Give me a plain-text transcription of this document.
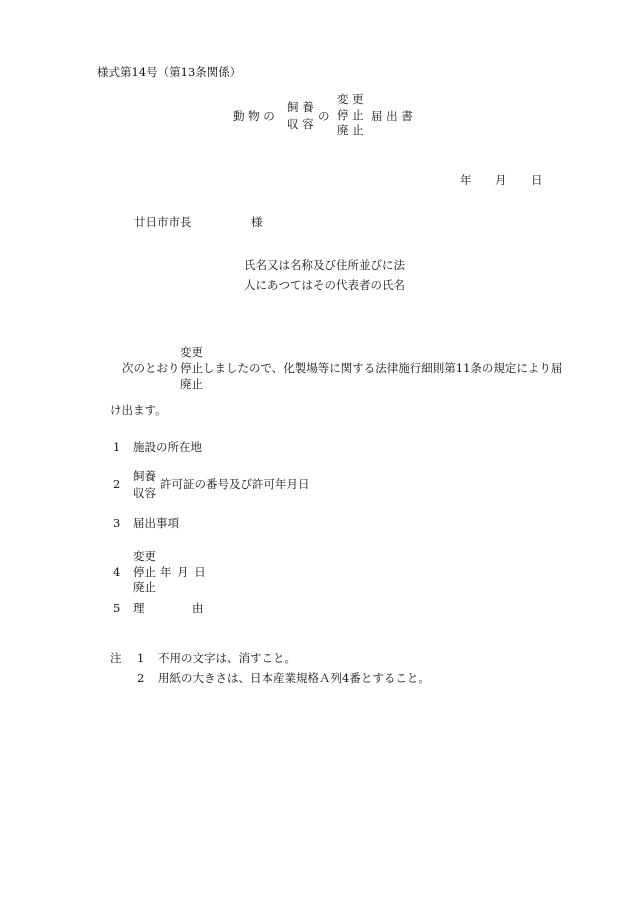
様式第14号（第13条関係）
動 物 の
飼 養
収 容
の
変 更
停 止
廃 止
届 出 書
年 月 日
廿日市市長	様
氏名又は名称及び住所並びに法
人にあつてはその代表者の氏名
変更
次のとおり 停止しましたので、化製場等に関する法律施行細則第11条の規定により届
廃止
け出ます。
1 施設の所在地
2
飼養
収容
許可証の番号及び許可年月日
3 届出事項
4
変更
停止
廃止
年 月 日
5 理	由
注 1 不用の文字は、消すこと。
2 用紙の大きさは、日本産業規格Ａ列4番とすること。
